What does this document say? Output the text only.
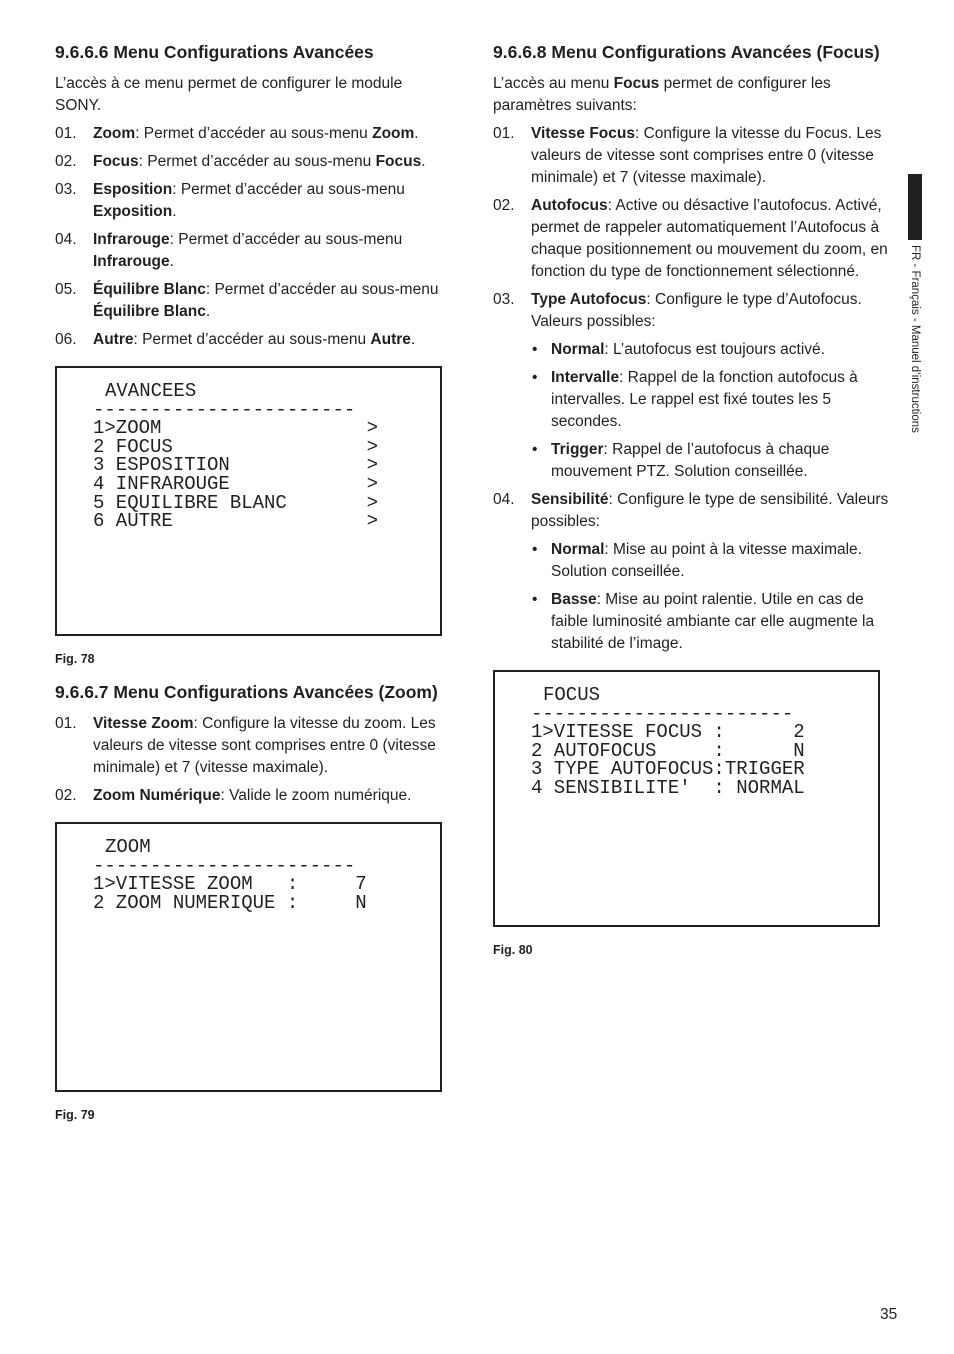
9.6.6.6 Menu Configurations Avancées

L’accès à ce menu permet de configurer le module SONY.

01. Zoom: Permet d’accéder au sous-menu Zoom.
02. Focus: Permet d’accéder au sous-menu Focus.
03. Esposition: Permet d’accéder au sous-menu Exposition.
04. Infrarouge: Permet d’accéder au sous-menu Infrarouge.
05. Équilibre Blanc: Permet d’accéder au sous-menu Équilibre Blanc.
06. Autre: Permet d’accéder au sous-menu Autre.
AVANCEES
-----------------------
1>ZOOM                  >
2 FOCUS                 >
3 ESPOSITION            >
4 INFRAROUGE            >
5 EQUILIBRE BLANC       >
6 AUTRE                 >
Fig. 78
9.6.6.7 Menu Configurations Avancées (Zoom)
01. Vitesse Zoom: Configure la vitesse du zoom. Les valeurs de vitesse sont comprises entre 0 (vitesse minimale) et 7 (vitesse maximale).
02. Zoom Numérique: Valide le zoom numérique.
ZOOM
-----------------------
1>VITESSE ZOOM   :     7
2 ZOOM NUMERIQUE :     N
Fig. 79
9.6.6.8 Menu Configurations Avancées (Focus)

L’accès au menu Focus permet de configurer les paramètres suivants:

01. Vitesse Focus: Configure la vitesse du Focus. Les valeurs de vitesse sont comprises entre 0 (vitesse minimale) et 7 (vitesse maximale).
02. Autofocus: Active ou désactive l’autofocus. Activé, permet de rappeler automatiquement l’Autofocus à chaque positionnement ou mouvement du zoom, en fonction du type de fonctionnement sélectionné.
03. Type Autofocus: Configure le type d’Autofocus. Valeurs possibles:
• Normal: L’autofocus est toujours activé.
• Intervalle: Rappel de la fonction autofocus à intervalles. Le rappel est fixé toutes les 5 secondes.
• Trigger: Rappel de l’autofocus à chaque mouvement PTZ. Solution conseillée.
04. Sensibilité: Configure le type de sensibilité. Valeurs possibles:
• Normal: Mise au point à la vitesse maximale. Solution conseillée.
• Basse: Mise au point ralentie. Utile en cas de faible luminosité ambiante car elle augmente la stabilité de l’image.
FOCUS
-----------------------
1>VITESSE FOCUS :      2
2 AUTOFOCUS     :      N
3 TYPE AUTOFOCUS:TRIGGER
4 SENSIBILITE'  : NORMAL
Fig. 80
FR - Français - Manuel d’instructions
35
